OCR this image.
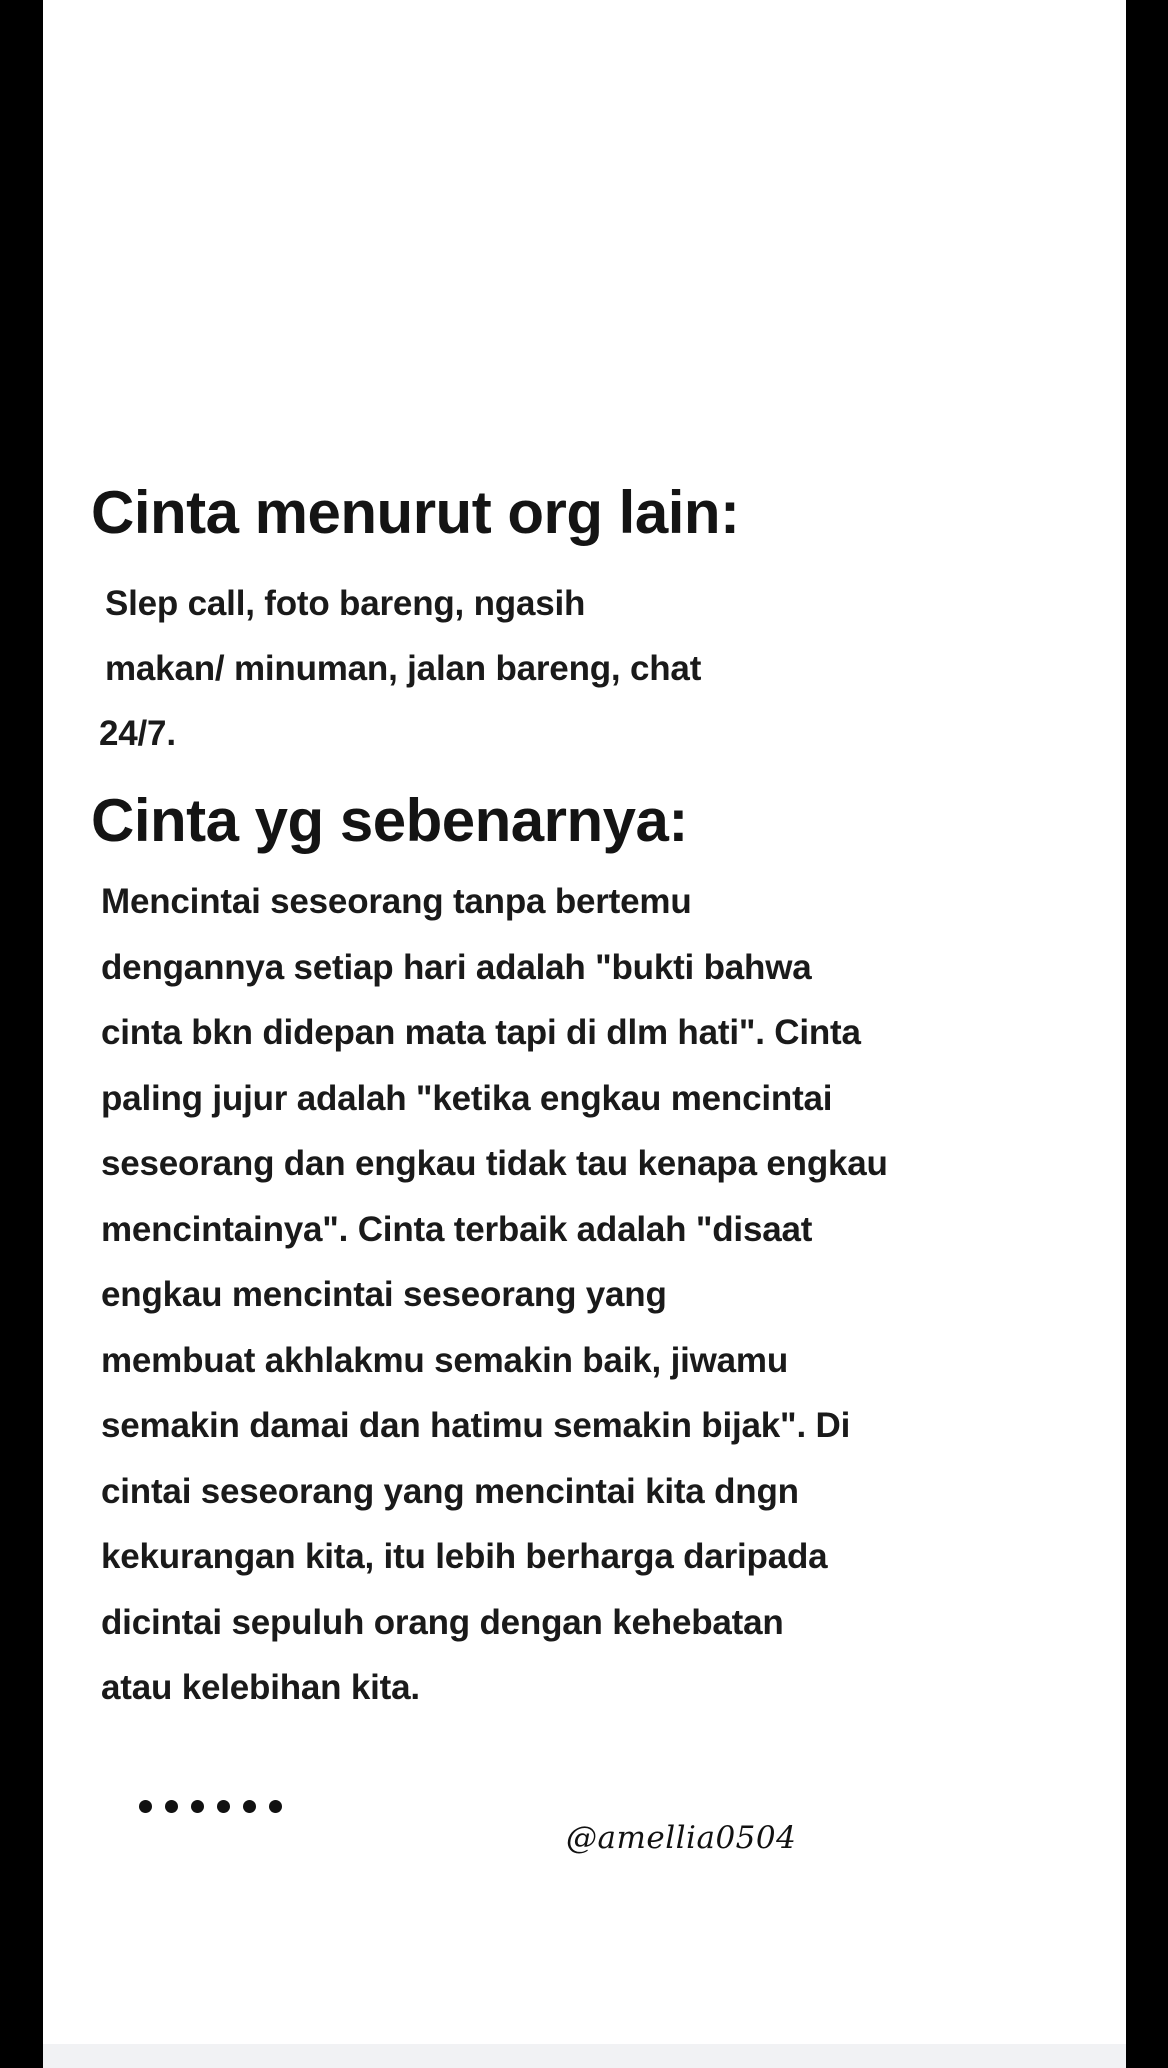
Cinta menurut org lain:

Slep call, foto bareng, ngasih
makan/ minuman, jalan bareng, chat
24/7.

Cinta yg sebenarnya:

Mencintai seseorang tanpa bertemu
dengannya setiap hari adalah "bukti bahwa
cinta bkn didepan mata tapi di dlm hati". Cinta
paling jujur adalah "ketika engkau mencintai
seseorang dan engkau tidak tau kenapa engkau
mencintainya". Cinta terbaik adalah "disaat
engkau mencintai seseorang yang
membuat akhlakmu semakin baik, jiwamu
semakin damai dan hatimu semakin bijak". Di
cintai seseorang yang mencintai kita dngn
kekurangan kita, itu lebih berharga daripada
dicintai sepuluh orang dengan kehebatan
atau kelebihan kita.

@amellia0504
